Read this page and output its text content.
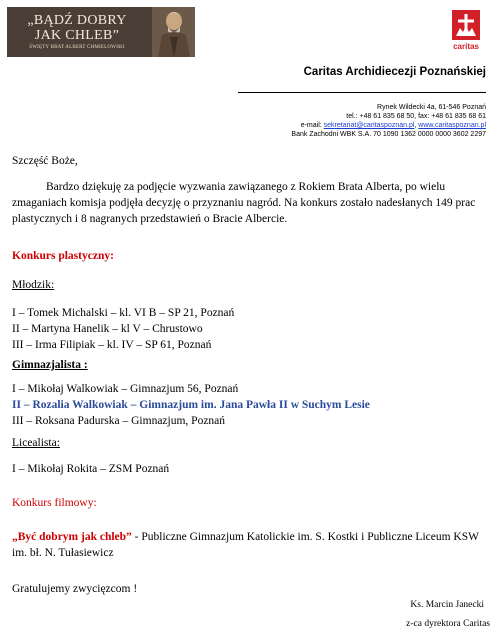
„BĄDŹ DOBRY
JAK CHLEB”
ŚWIĘTY BRAT ALBERT CHMIELOWSKI	caritas
Caritas Archidiecezji Poznańskiej
Rynek Wildecki 4a, 61-546 Poznań
tel.: +48 61 835 68 50, fax: +48 61 835 68 61
e-mail: sekretariat@caritaspoznan.pl, www.caritaspoznan.pl
Bank Zachodni WBK S.A. 70 1090 1362 0000 0000 3602 2297
Szczęść Boże,
Bardzo dziękuję za podjęcie wyzwania zawiązanego z Rokiem Brata Alberta, po wielu zmaganiach komisja podjęła decyzję o przyznaniu nagród. Na konkurs zostało nadesłanych 149 prac plastycznych i 8 nagranych przedstawień o Bracie Albercie.
Konkurs plastyczny:
Młodzik:
I – Tomek Michalski – kl. VI B – SP 21, Poznań
II – Martyna Hanelik – kl V – Chrustowo
III – Irma Filipiak – kl. IV – SP 61, Poznań
Gimnazjalista :
I – Mikołaj Walkowiak – Gimnazjum 56, Poznań
II – Rozalia Walkowiak – Gimnazjum im. Jana Pawła II w Suchym Lesie
III – Roksana Padurska – Gimnazjum, Poznań
Licealista:
I – Mikołaj Rokita – ZSM Poznań
Konkurs filmowy:
„Być dobrym jak chleb” - Publiczne Gimnazjum Katolickie im. S. Kostki i Publiczne Liceum KSW im. bł. N. Tułasiewicz
Gratulujemy zwycięzcom !
Ks. Marcin Janecki
z-ca dyrektora Caritas
